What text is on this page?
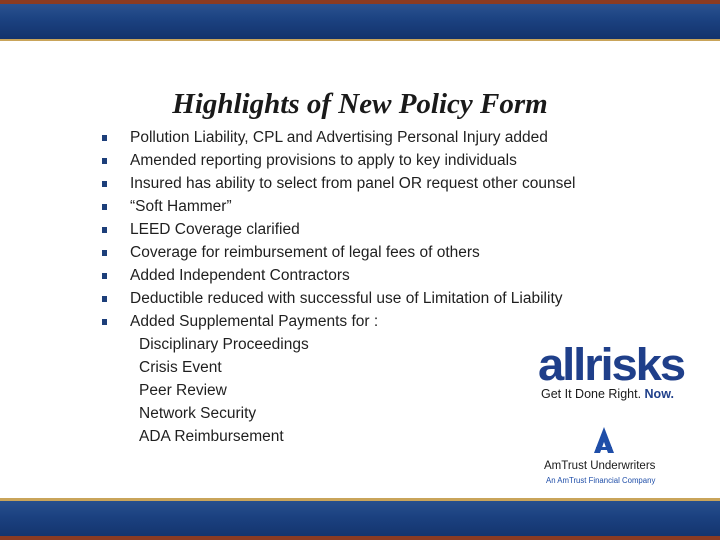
Highlights of New Policy Form
Pollution Liability, CPL and Advertising Personal Injury added
Amended reporting provisions to apply to key individuals
Insured has ability to select from panel OR request other counsel
“Soft Hammer”
LEED Coverage clarified
Coverage for reimbursement of legal fees of others
Added Independent Contractors
Deductible reduced with successful use of Limitation of Liability
Added Supplemental Payments for :
Disciplinary Proceedings
Crisis Event
Peer Review
Network Security
ADA Reimbursement
allrisks
Get It Done Right. Now.
AmTrust Underwriters
An AmTrust Financial Company
